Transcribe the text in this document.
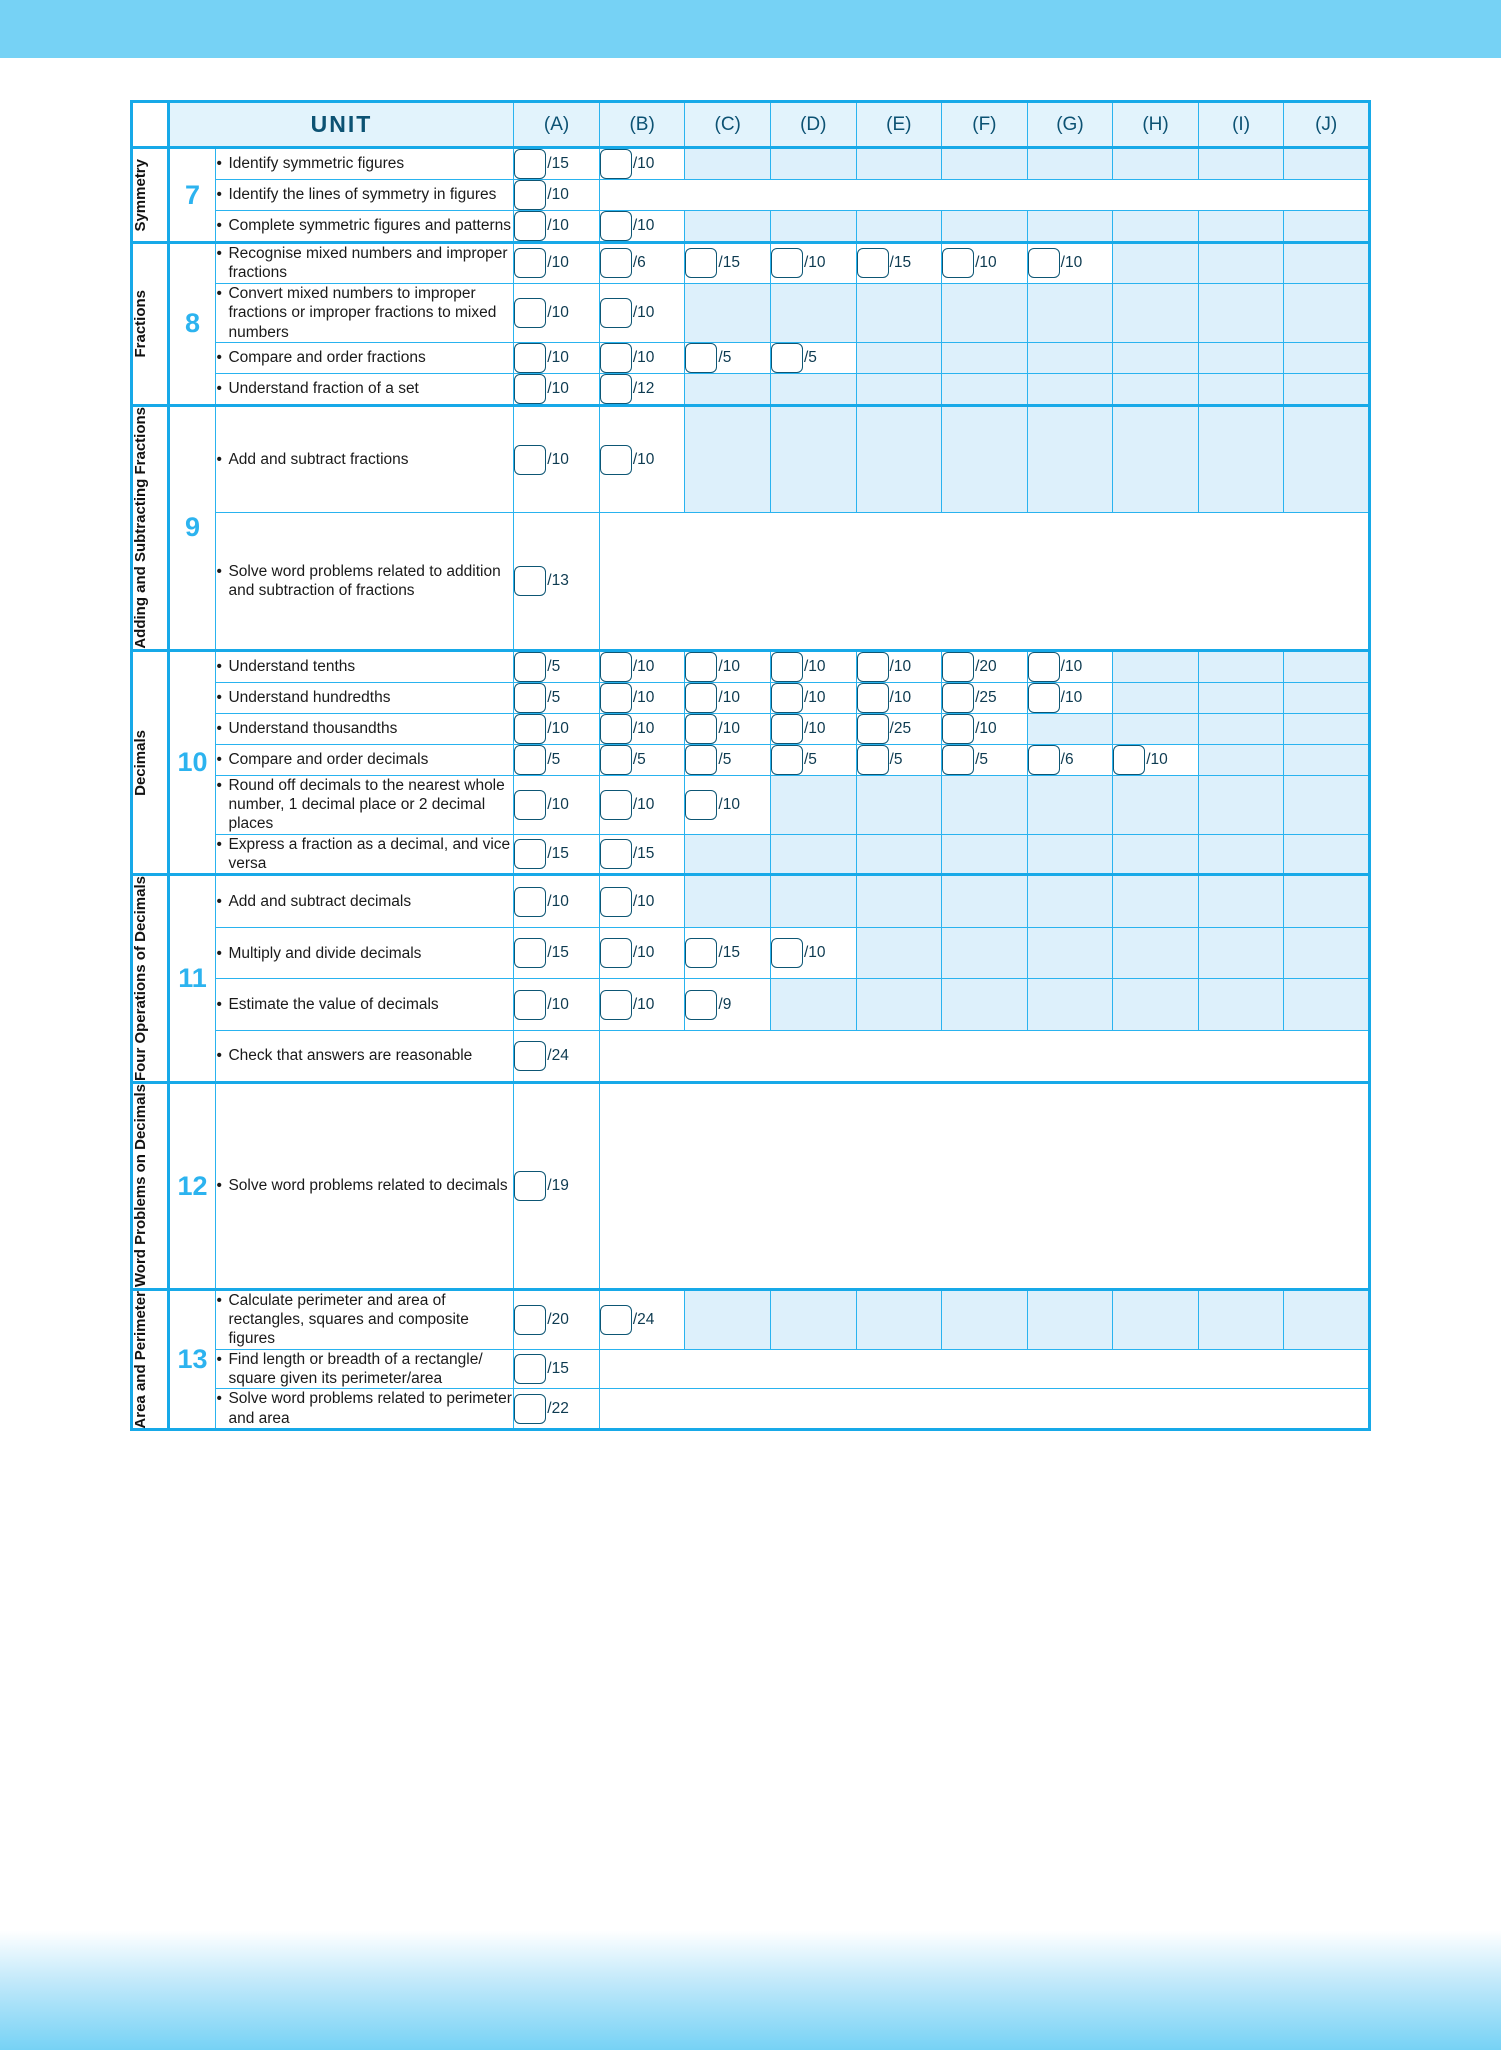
	UNIT		(A)	(B)	(C)	(D)	(E)	(F)	(G)	(H)	(I)	(J)

Symmetry	7	• Identify symmetric figures	/15	/10								

		• Identify the lines of symmetry in figures	/10									

		• Complete symmetric figures and patterns	/10	/10								

Fractions	8	• Recognise mixed numbers and improper fractions	/10	/6	/15	/10	/15	/10	/10			

		• Convert mixed numbers to improper fractions or improper fractions to mixed numbers	/10	/10								

		• Compare and order fractions	/10	/10	/5	/5						

		• Understand fraction of a set	/10	/12								

Adding and Subtracting Fractions	9	• Add and subtract fractions	/10	/10								

		• Solve word problems related to addition and subtraction of fractions	/13									

Decimals	10	• Understand tenths	/5	/10	/10	/10	/10	/20	/10			

		• Understand hundredths	/5	/10	/10	/10	/10	/25	/10			

		• Understand thousandths	/10	/10	/10	/10	/25	/10				

		• Compare and order decimals	/5	/5	/5	/5	/5	/5	/6	/10		

		• Round off decimals to the nearest whole number, 1 decimal place or 2 decimal places	/10	/10	/10							

		• Express a fraction as a decimal, and vice versa	/15	/15								

Four Operations of Decimals	11	• Add and subtract decimals	/10	/10								

		• Multiply and divide decimals	/15	/10	/15	/10						

		• Estimate the value of decimals	/10	/10	/9							

		• Check that answers are reasonable	/24									

Word Problems on Decimals	12	• Solve word problems related to decimals	/19									

Area and Perimeter	13	• Calculate perimeter and area of rectangles, squares and composite figures	/20	/24								

		• Find length or breadth of a rectangle/ square given its perimeter/area	/15									

		• Solve word problems related to perimeter and area	/22									
